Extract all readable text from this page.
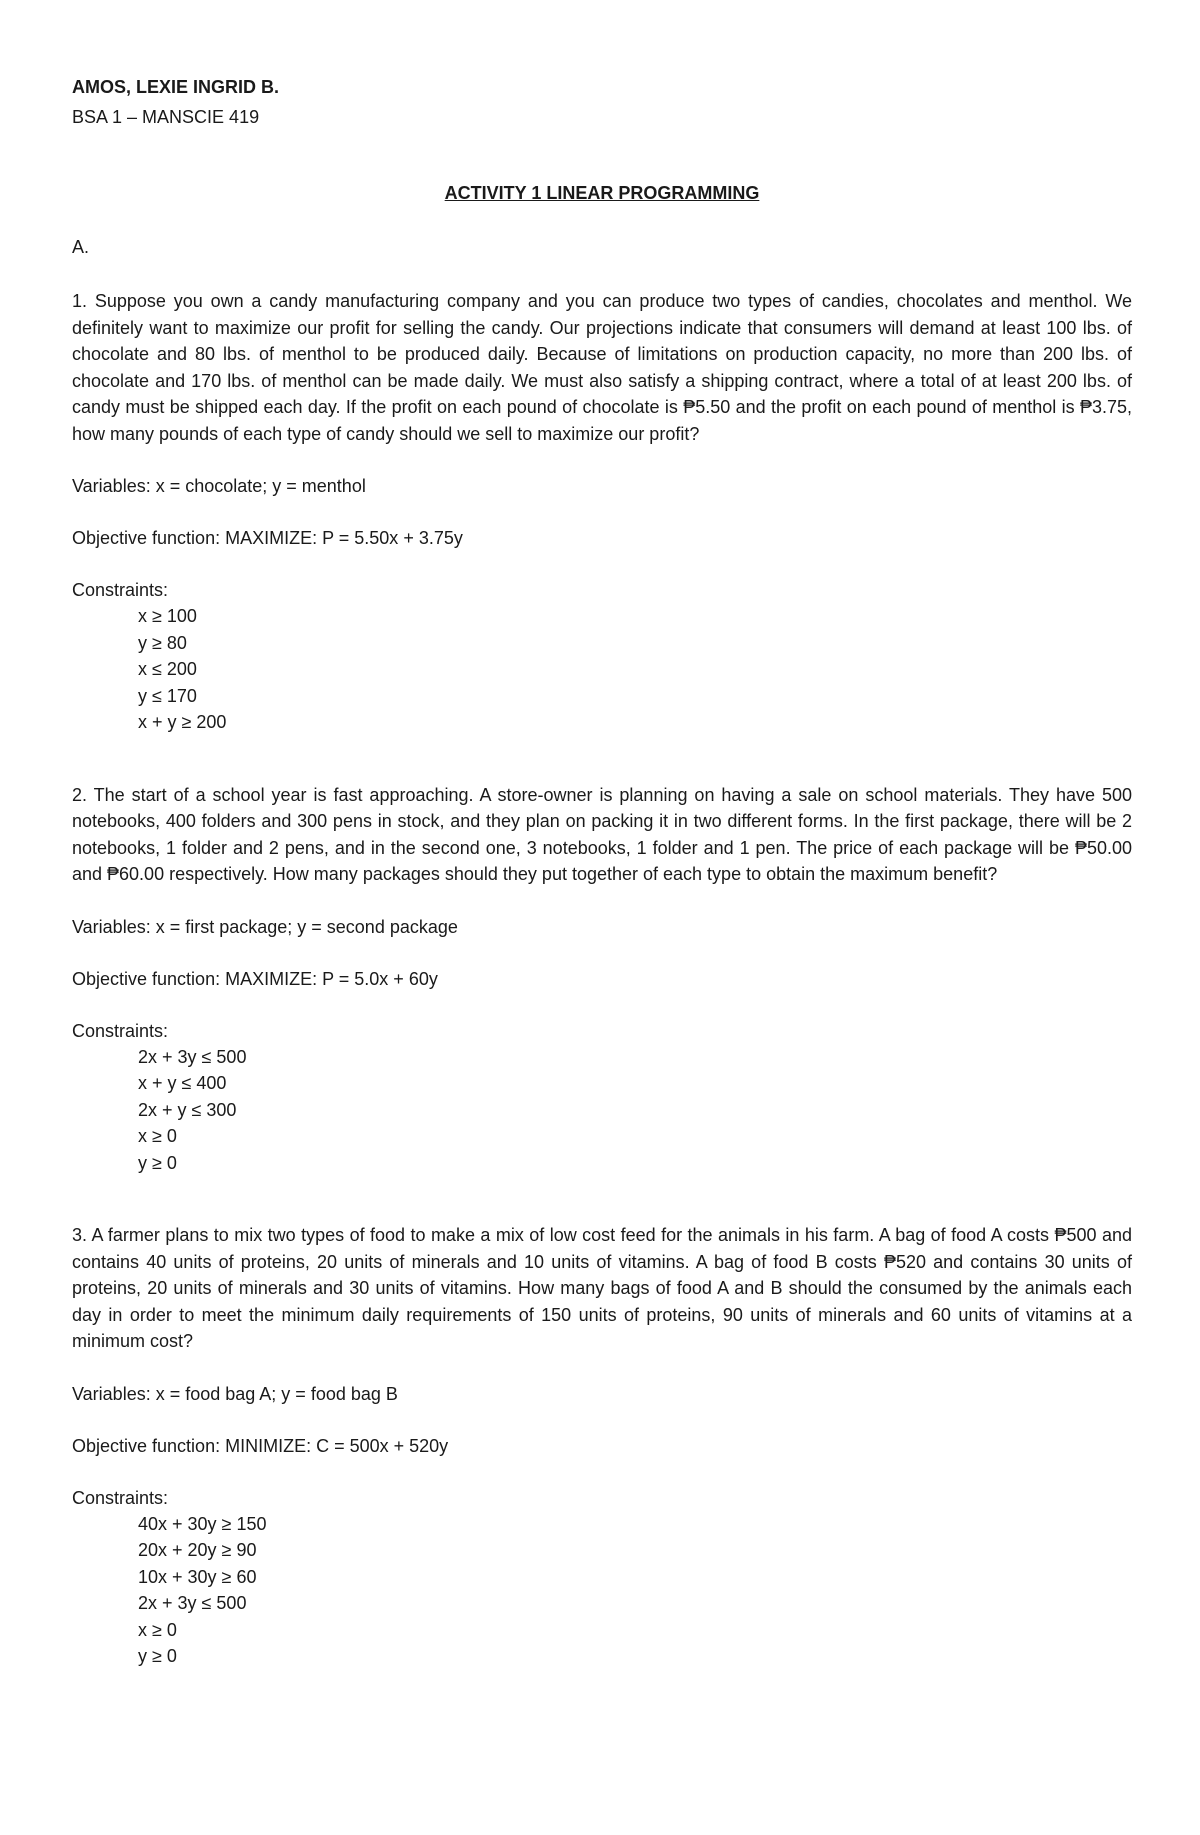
AMOS, LEXIE INGRID B.

BSA 1 – MANSCIE 419

ACTIVITY 1 LINEAR PROGRAMMING
A.

1. Suppose you own a candy manufacturing company and you can produce two types of candies, chocolates and menthol. We definitely want to maximize our profit for selling the candy. Our projections indicate that consumers will demand at least 100 lbs. of chocolate and 80 lbs. of menthol to be produced daily. Because of limitations on production capacity, no more than 200 lbs. of chocolate and 170 lbs. of menthol can be made daily. We must also satisfy a shipping contract, where a total of at least 200 lbs. of candy must be shipped each day. If the profit on each pound of chocolate is ₱5.50 and the profit on each pound of menthol is ₱3.75, how many pounds of each type of candy should we sell to maximize our profit?

Variables: x = chocolate; y = menthol
Objective function: MAXIMIZE: P = 5.50x + 3.75y
Constraints:
x ≥ 100
y ≥ 80
x ≤ 200
y ≤ 170
x + y ≥ 200

2. The start of a school year is fast approaching. A store-owner is planning on having a sale on school materials. They have 500 notebooks, 400 folders and 300 pens in stock, and they plan on packing it in two different forms. In the first package, there will be 2 notebooks, 1 folder and 2 pens, and in the second one, 3 notebooks, 1 folder and 1 pen. The price of each package will be ₱50.00 and ₱60.00 respectively. How many packages should they put together of each type to obtain the maximum benefit?

Variables: x = first package; y = second package
Objective function: MAXIMIZE: P = 5.0x + 60y
Constraints:
2x + 3y ≤ 500
x + y ≤ 400
2x + y ≤ 300
x ≥ 0
y ≥ 0

3. A farmer plans to mix two types of food to make a mix of low cost feed for the animals in his farm. A bag of food A costs ₱500 and contains 40 units of proteins, 20 units of minerals and 10 units of vitamins. A bag of food B costs ₱520 and contains 30 units of proteins, 20 units of minerals and 30 units of vitamins. How many bags of food A and B should the consumed by the animals each day in order to meet the minimum daily requirements of 150 units of proteins, 90 units of minerals and 60 units of vitamins at a minimum cost?

Variables: x = food bag A; y = food bag B
Objective function: MINIMIZE: C = 500x + 520y
Constraints:
40x + 30y ≥ 150
20x + 20y ≥ 90
10x + 30y ≥ 60
2x + 3y ≤ 500
x ≥ 0
y ≥ 0
